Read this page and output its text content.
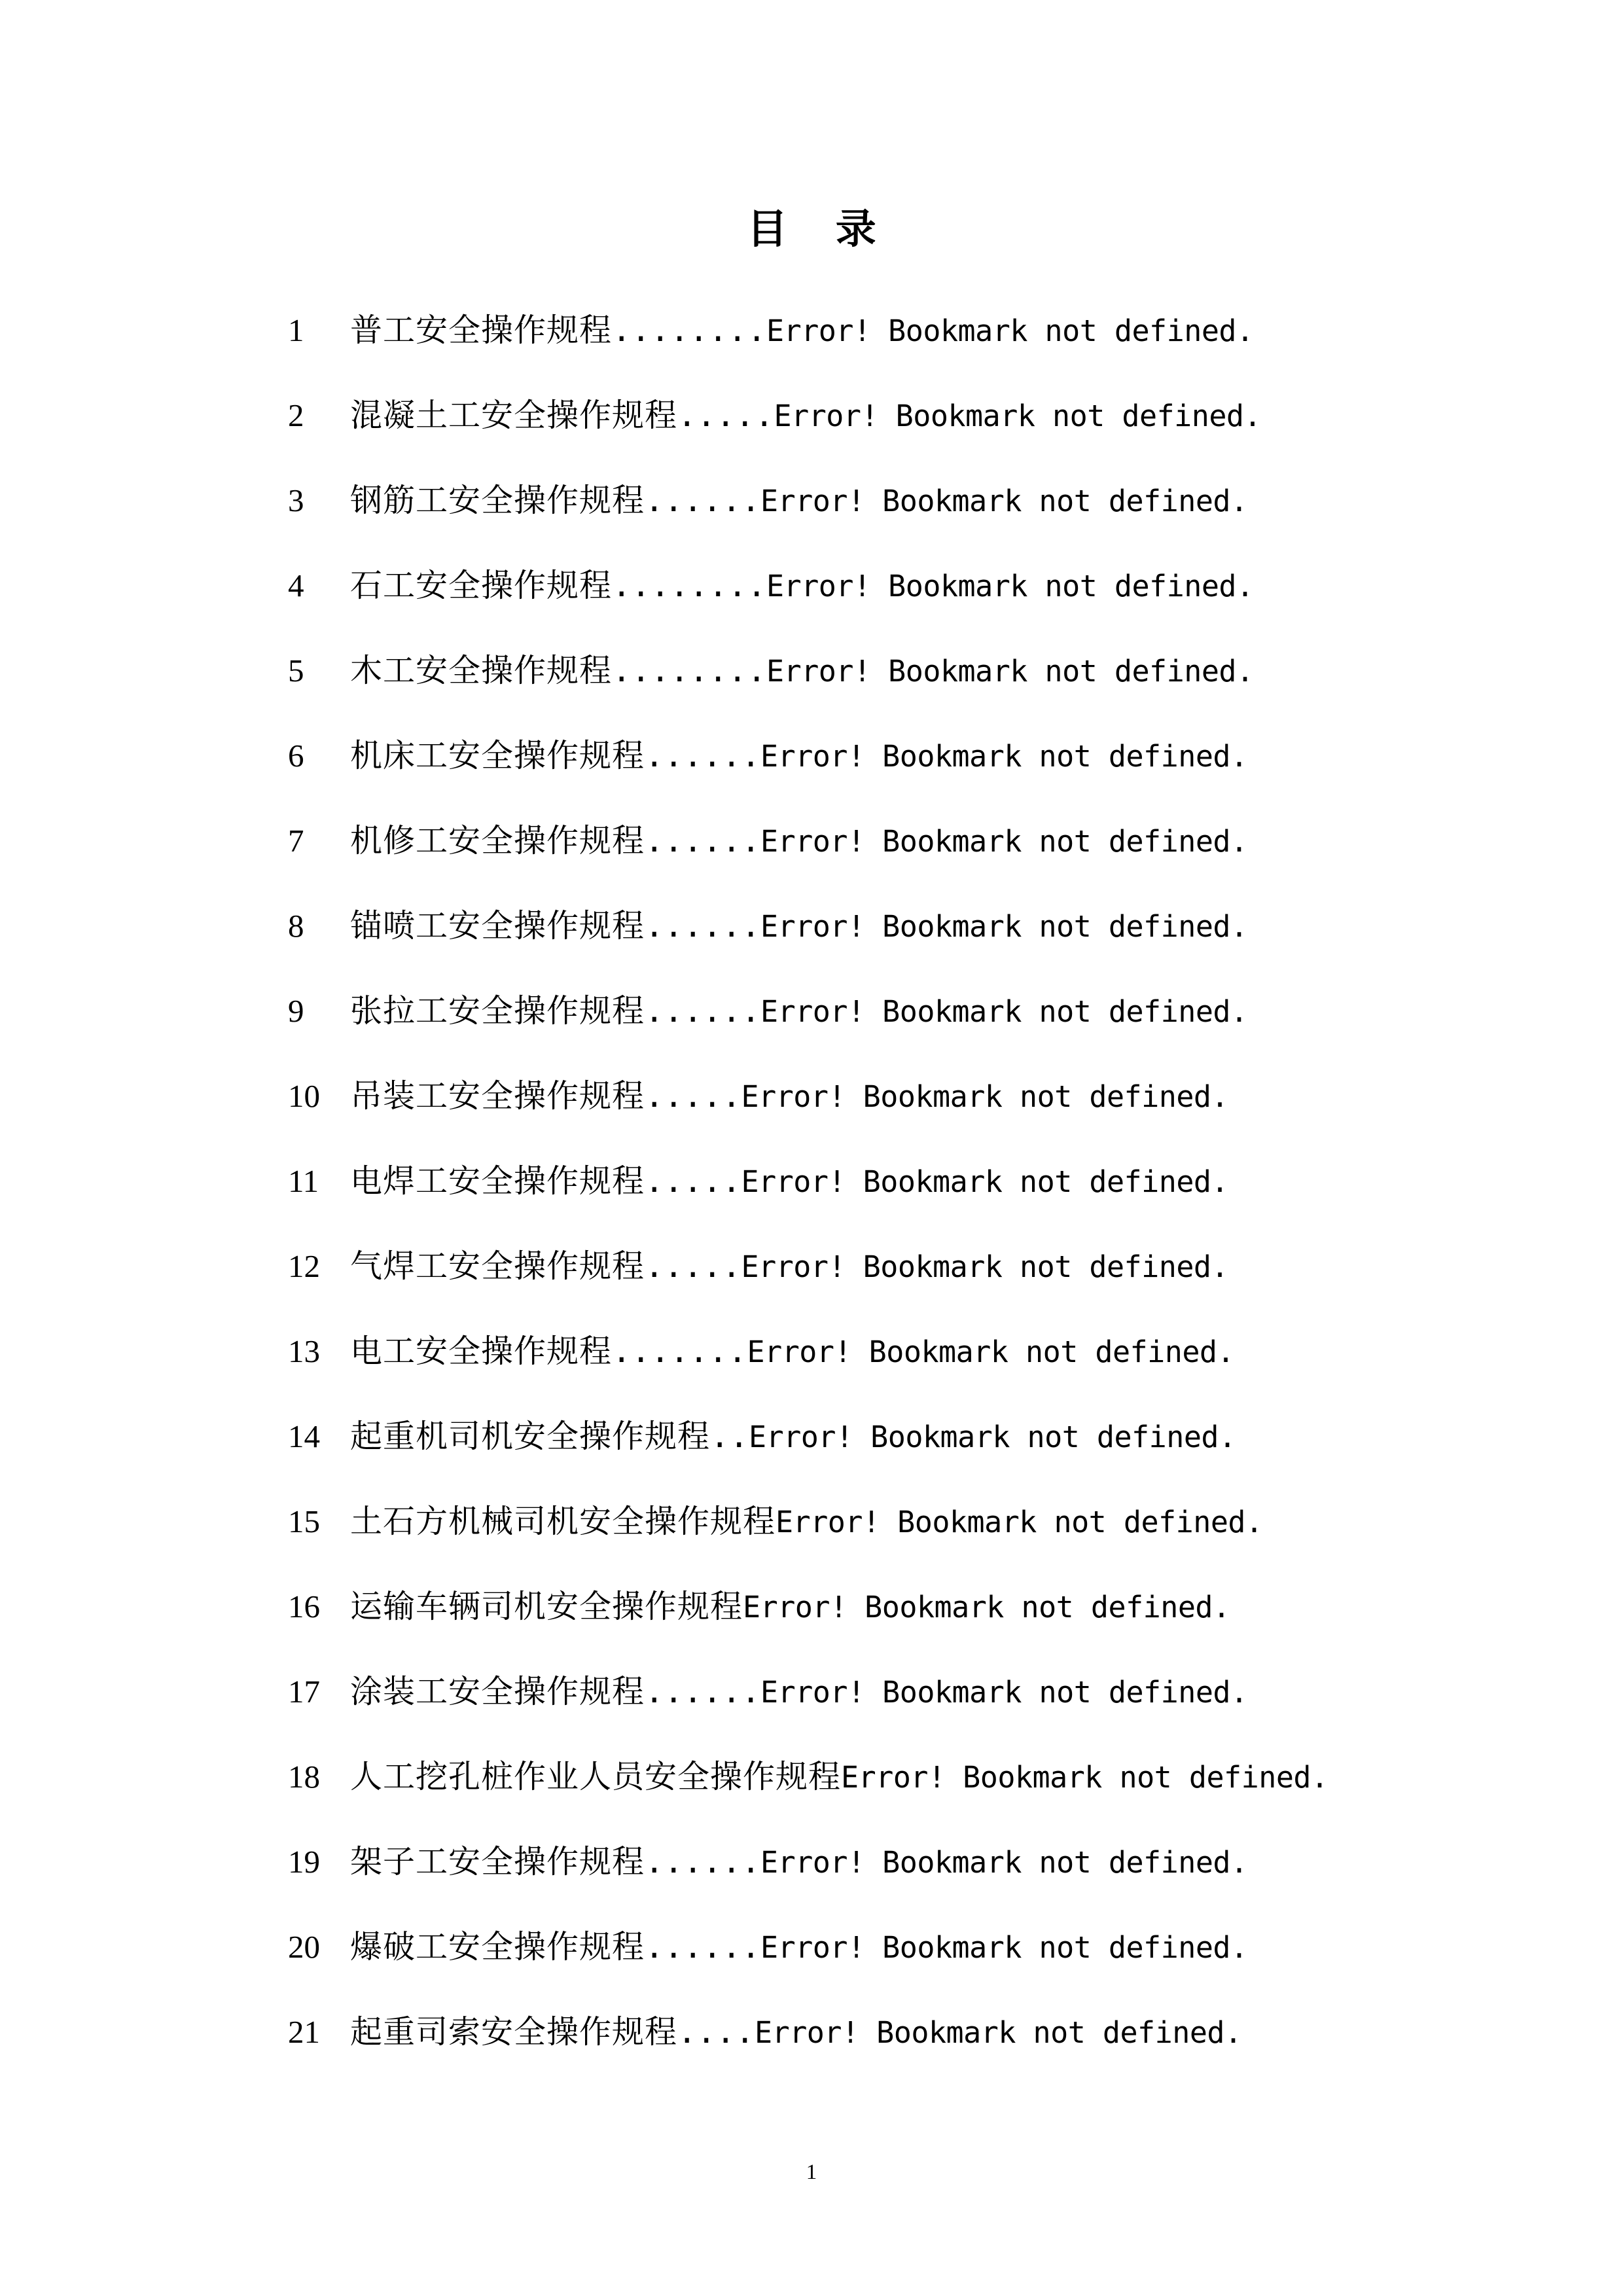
目 录
1	普工安全操作规程 ........ Error! Bookmark not defined.
2	混凝土工安全操作规程 ..... Error! Bookmark not defined.
3	钢筋工安全操作规程 ...... Error! Bookmark not defined.
4	石工安全操作规程 ........ Error! Bookmark not defined.
5	木工安全操作规程 ........ Error! Bookmark not defined.
6	机床工安全操作规程 ...... Error! Bookmark not defined.
7	机修工安全操作规程 ...... Error! Bookmark not defined.
8	锚喷工安全操作规程 ...... Error! Bookmark not defined.
9	张拉工安全操作规程 ...... Error! Bookmark not defined.
10 吊装工安全操作规程 ..... Error! Bookmark not defined.
11 电焊工安全操作规程 ..... Error! Bookmark not defined.
12 气焊工安全操作规程 ..... Error! Bookmark not defined.
13 电工安全操作规程 ....... Error! Bookmark not defined.
14 起重机司机安全操作规程 .. Error! Bookmark not defined.
15 土石方机械司机安全操作规程 Error! Bookmark not defined.
16 运输车辆司机安全操作规程 Error! Bookmark not defined.
17 涂装工安全操作规程 ...... Error! Bookmark not defined.
18 人工挖孔桩作业人员安全操作规程 Error! Bookmark not defined.
19 架子工安全操作规程 ...... Error! Bookmark not defined.
20 爆破工安全操作规程 ...... Error! Bookmark not defined.
21 起重司索安全操作规程 .... Error! Bookmark not defined.
1
